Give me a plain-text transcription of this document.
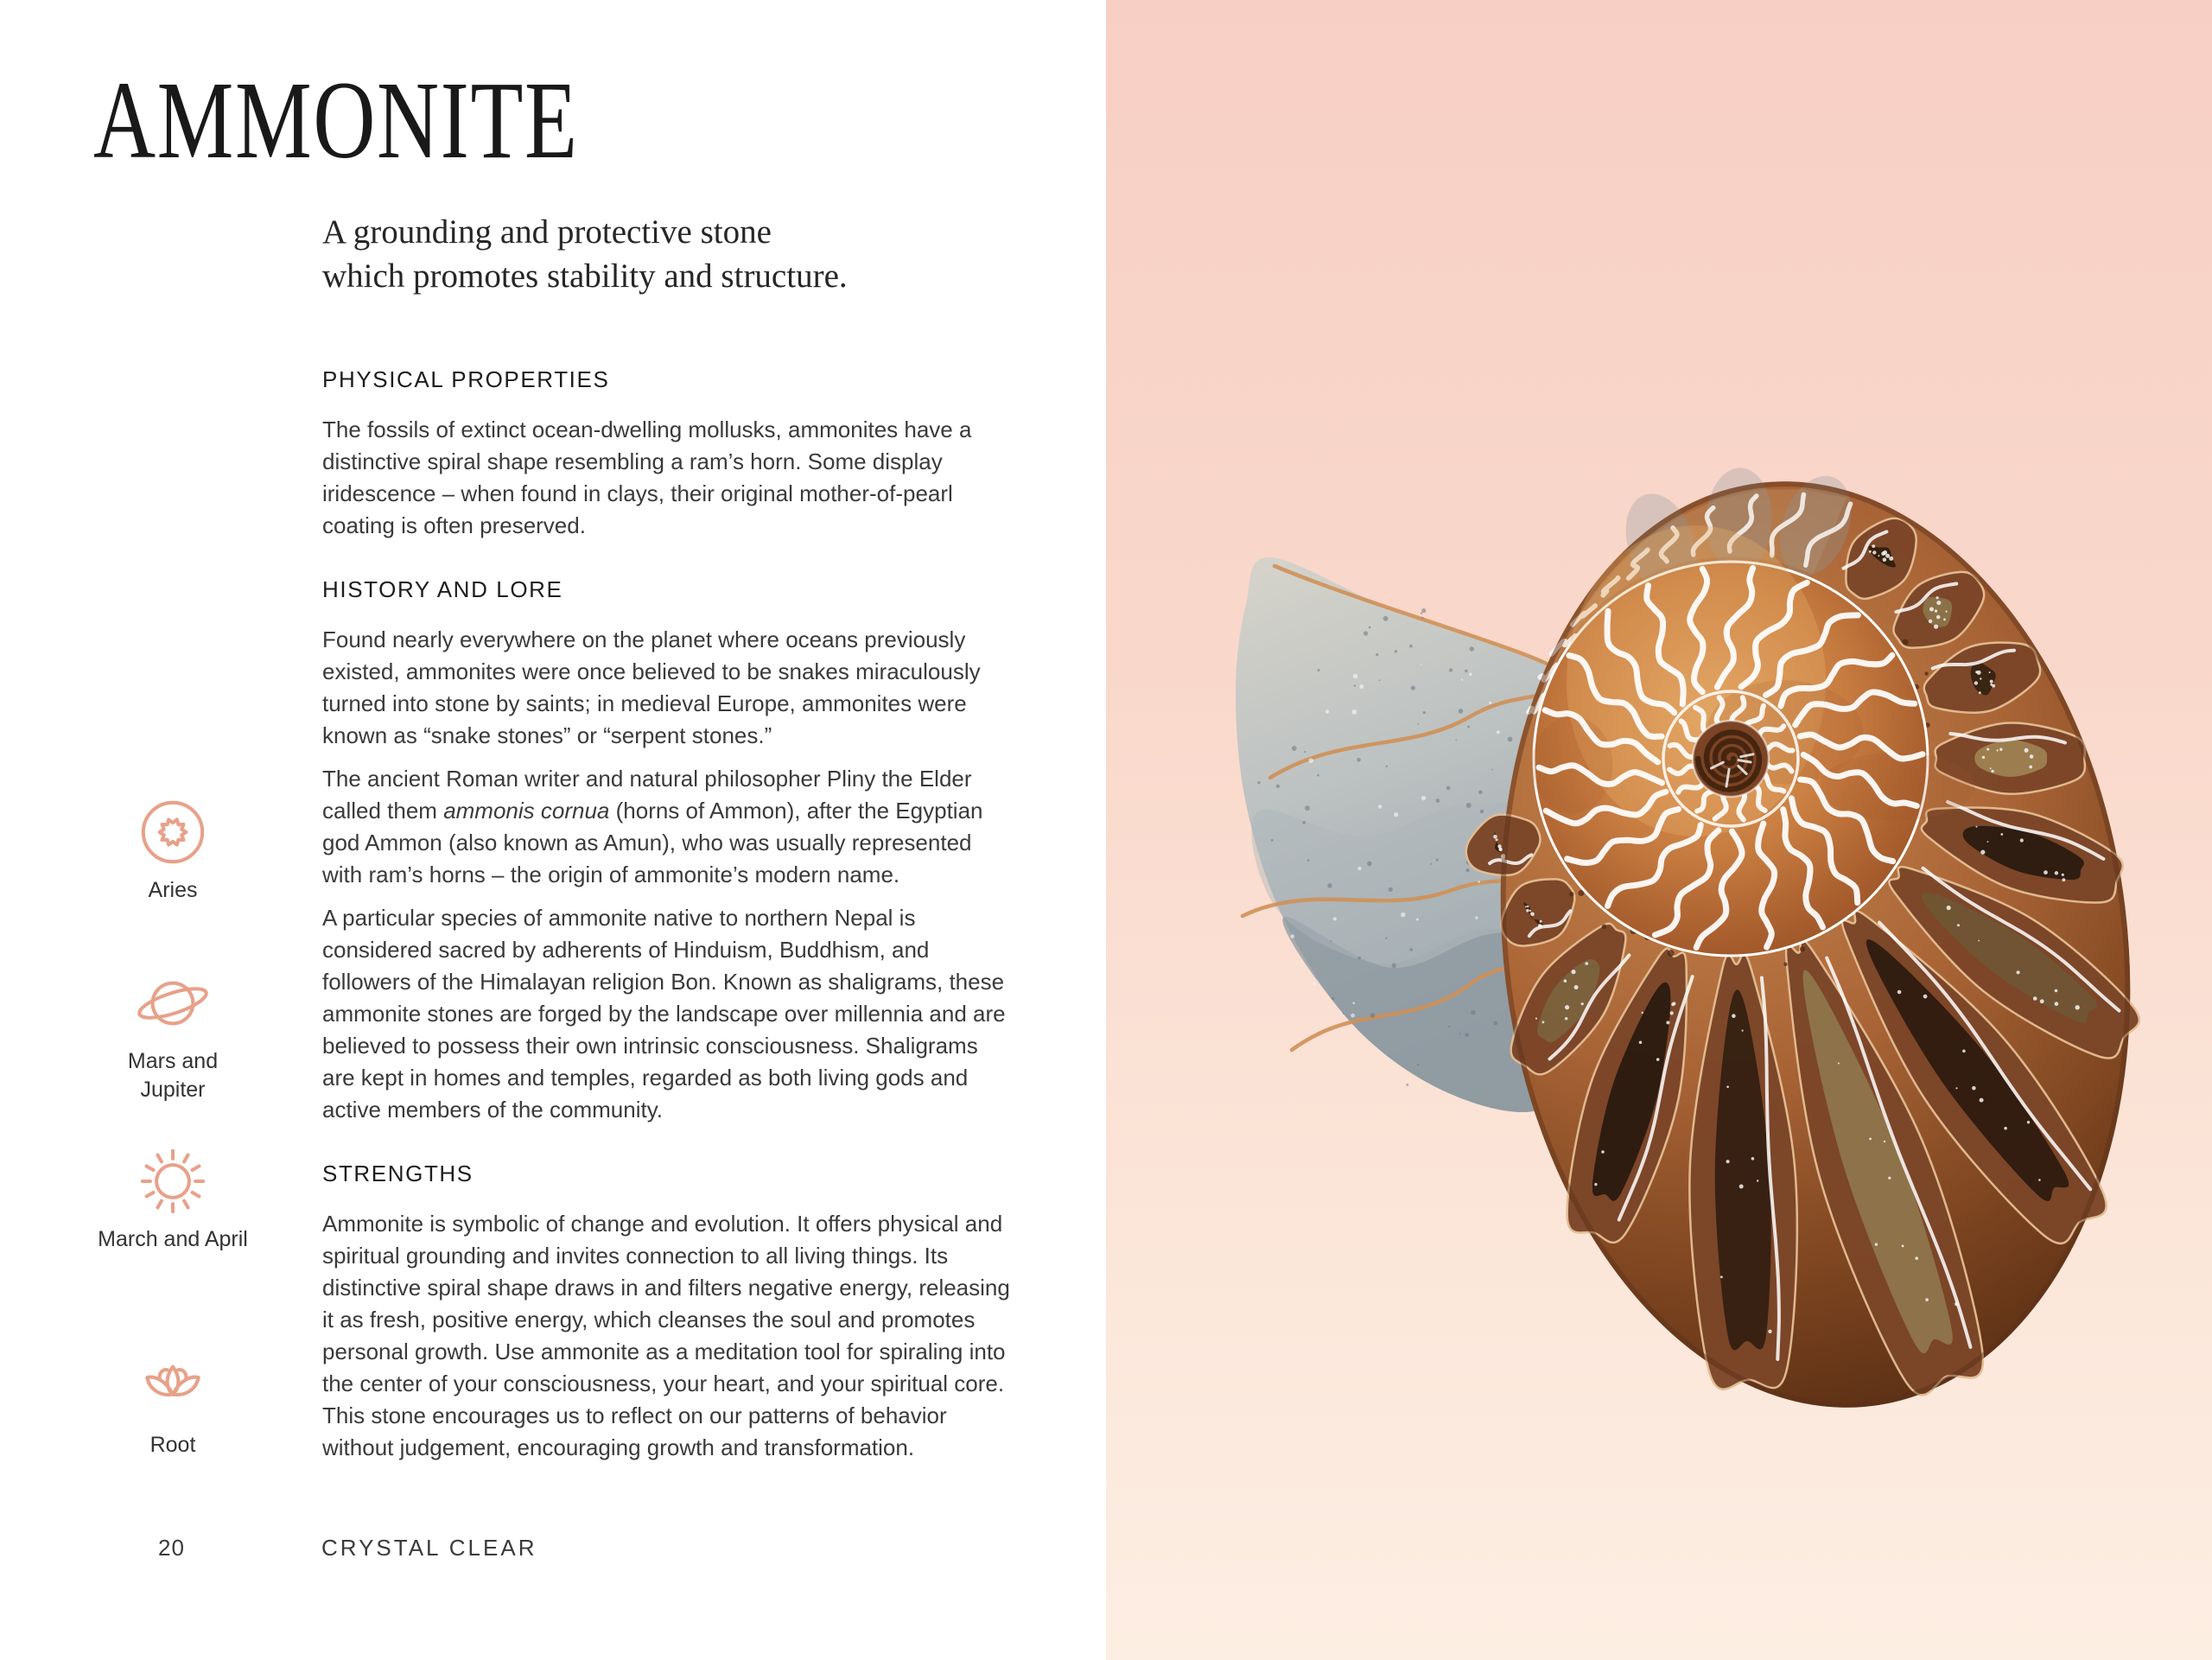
AMMONITE

A grounding and protective stone
which promotes stability and structure.

Aries
Mars and Jupiter
March and April
Root
PHYSICAL PROPERTIES

The fossils of extinct ocean-dwelling mollusks, ammonites have a distinctive spiral shape resembling a ram’s horn. Some display iridescence – when found in clays, their original mother-of-pearl coating is often preserved.

HISTORY AND LORE

Found nearly everywhere on the planet where oceans previously existed, ammonites were once believed to be snakes miraculously turned into stone by saints; in medieval Europe, ammonites were known as “snake stones” or “serpent stones.”

The ancient Roman writer and natural philosopher Pliny the Elder called them ammonis cornua (horns of Ammon), after the Egyptian god Ammon (also known as Amun), who was usually represented with ram’s horns – the origin of ammonite’s modern name.

A particular species of ammonite native to northern Nepal is considered sacred by adherents of Hinduism, Buddhism, and followers of the Himalayan religion Bon. Known as shaligrams, these ammonite stones are forged by the landscape over millennia and are believed to possess their own intrinsic consciousness. Shaligrams are kept in homes and temples, regarded as both living gods and active members of the community.

STRENGTHS

Ammonite is symbolic of change and evolution. It offers physical and spiritual grounding and invites connection to all living things. Its distinctive spiral shape draws in and filters negative energy, releasing it as fresh, positive energy, which cleanses the soul and promotes personal growth. Use ammonite as a meditation tool for spiraling into the center of your consciousness, your heart, and your spiritual core. This stone encourages us to reflect on our patterns of behavior without judgement, encouraging growth and transformation.

20	CRYSTAL CLEAR
